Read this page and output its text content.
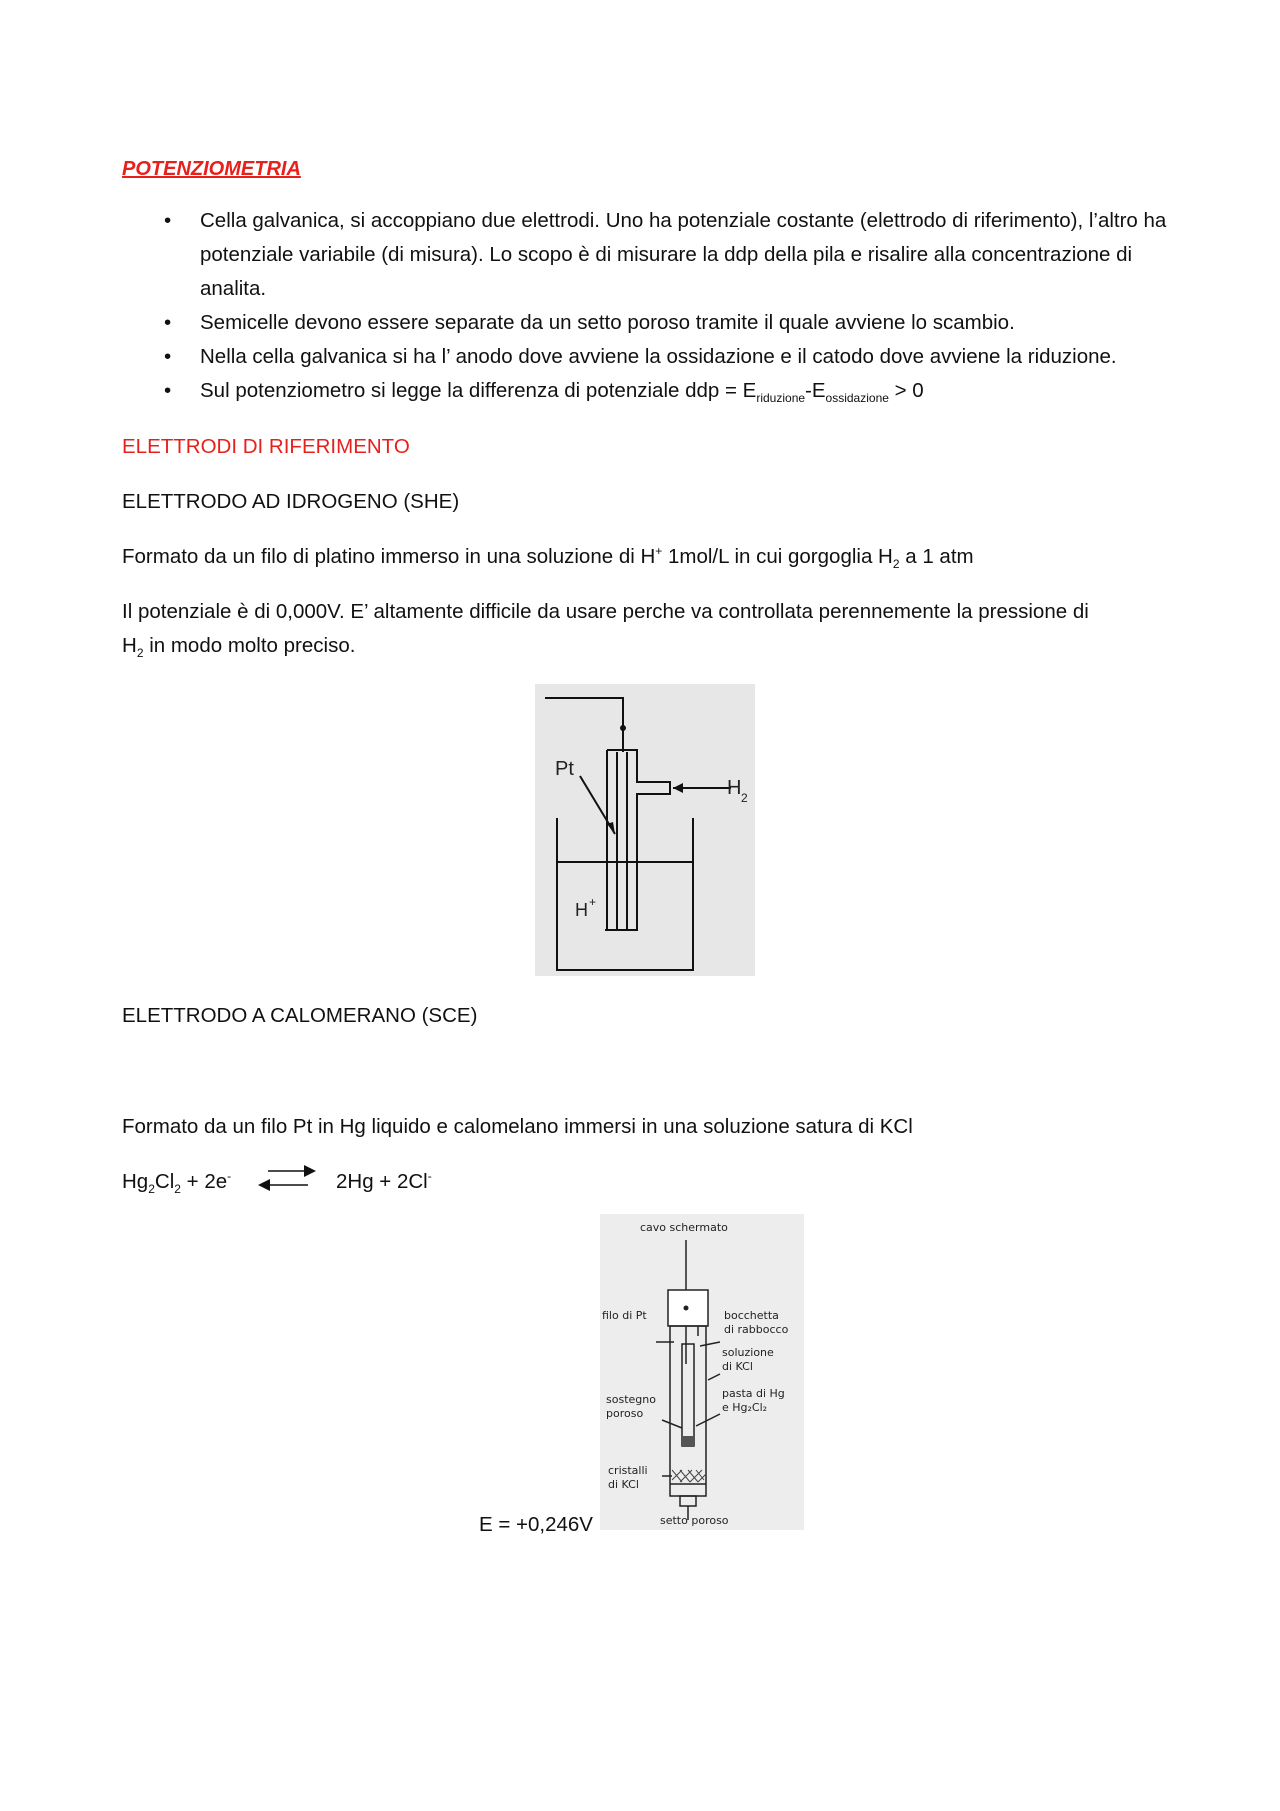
POTENZIOMETRIA
• Cella galvanica, si accoppiano due elettrodi. Uno ha potenziale costante (elettrodo di riferimento), l’altro ha potenziale variabile (di misura). Lo scopo è di misurare la ddp della pila e risalire alla concentrazione di analita.
• Semicelle devono essere separate da un setto poroso tramite il quale avviene lo scambio.
• Nella cella galvanica si ha l’ anodo dove avviene la ossidazione e il catodo dove avviene la riduzione.
• Sul potenziometro si legge la differenza di potenziale ddp = $E_{riduzione}-E_{ossidazione} > 0$
ELETTRODI DI RIFERIMENTO
ELETTRODO AD IDROGENO (SHE)
Formato da un filo di platino immerso in una soluzione di H+ 1mol/L in cui gorgoglia $H_2$ a 1 atm
Il potenziale è di 0,000V. E’ altamente difficile da usare perche va controllata perennemente la pressione di
$H_2$ in modo molto preciso.
Pt
H 2
H +
ELETTRODO A CALOMERANO (SCE)
Formato da un filo Pt in Hg liquido e calomelano immersi in una soluzione satura di KCl
$Hg_2Cl_2 + 2e^-$ ⇌ 2Hg + 2Cl-
E = +0,246V
cavo schermato
filo di Pt	bocchetta
di rabbocco
soluzione
di KCl
pasta di Hg
e Hg₂Cl₂
sostegno
poroso
cristalli
di KCl
setto poroso
